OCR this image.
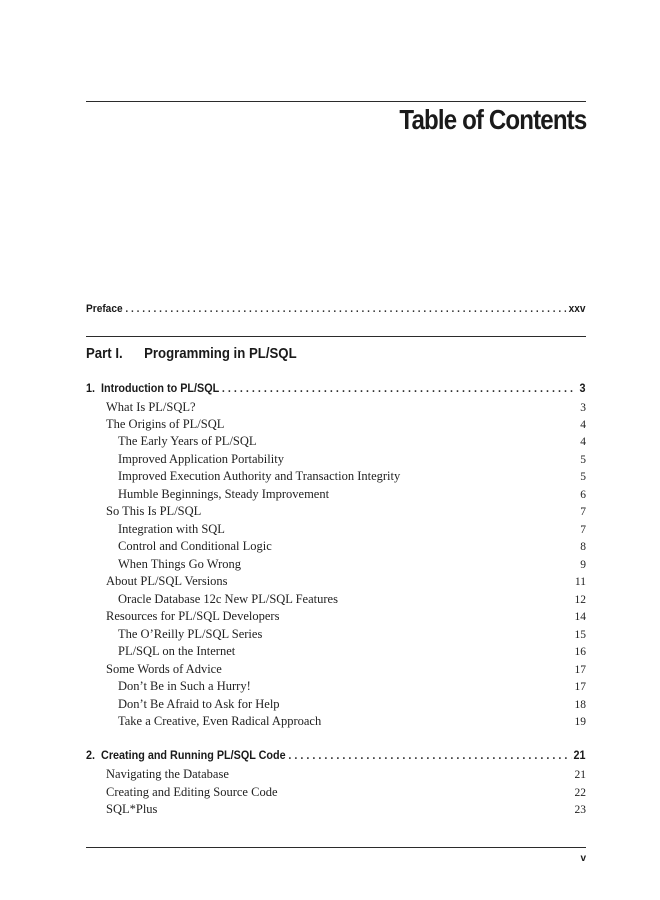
Table of Contents
Preface . . .	xxv
Part I. Programming in PL/SQL
1. Introduction to PL/SQL . . .	3
What Is PL/SQL?	3
The Origins of PL/SQL	4
The Early Years of PL/SQL	4
Improved Application Portability	5
Improved Execution Authority and Transaction Integrity	5
Humble Beginnings, Steady Improvement	6
So This Is PL/SQL	7
Integration with SQL	7
Control and Conditional Logic	8
When Things Go Wrong	9
About PL/SQL Versions	11
Oracle Database 12c New PL/SQL Features	12
Resources for PL/SQL Developers	14
The O’Reilly PL/SQL Series	15
PL/SQL on the Internet	16
Some Words of Advice	17
Don’t Be in Such a Hurry!	17
Don’t Be Afraid to Ask for Help	18
Take a Creative, Even Radical Approach	19
2. Creating and Running PL/SQL Code . . .	21
Navigating the Database	21
Creating and Editing Source Code	22
SQL*Plus	23
v
